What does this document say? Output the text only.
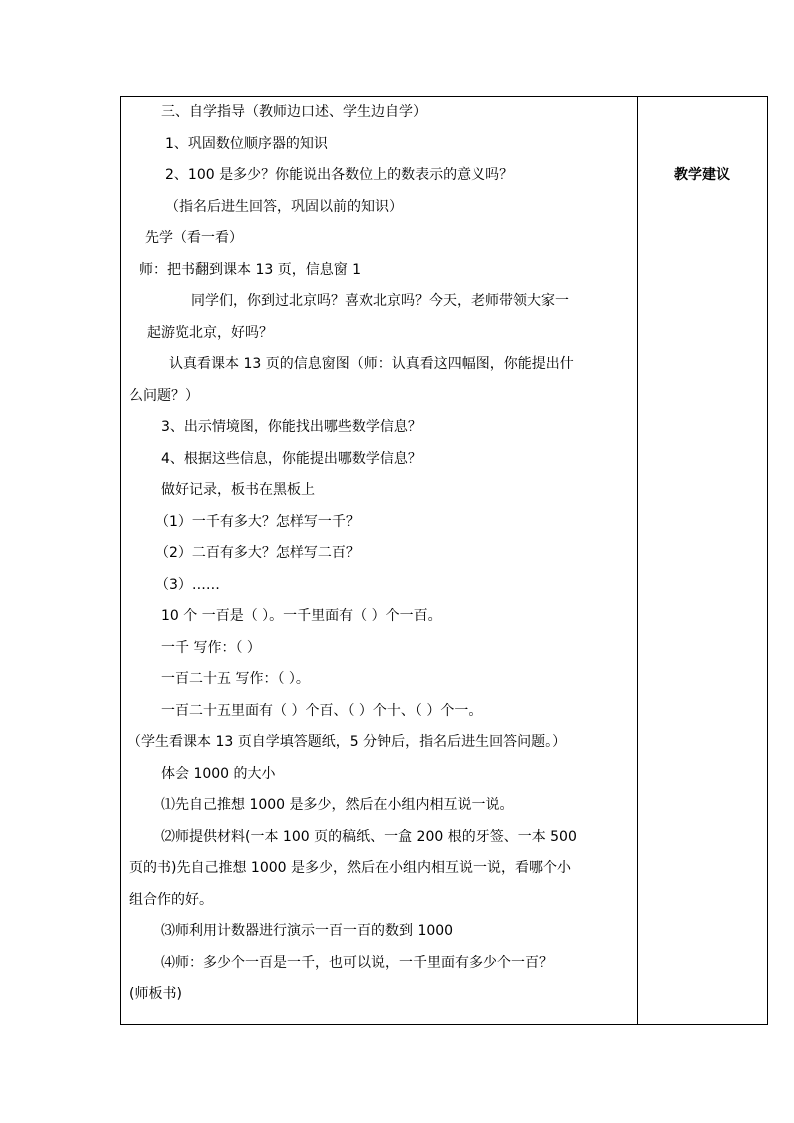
三、自学指导（教师边口述、学生边自学）
1、巩固数位顺序器的知识
2、100 是多少？你能说出各数位上的数表示的意义吗？
（指名后进生回答，巩固以前的知识）
先学（看一看）
师：把书翻到课本 13 页，信息窗 1
同学们，你到过北京吗？喜欢北京吗？今天，老师带领大家一
起游览北京，好吗？
认真看课本 13 页的信息窗图（师：认真看这四幅图，你能提出什
么问题？）
3、出示情境图，你能找出哪些数学信息？
4、根据这些信息，你能提出哪数学信息？
做好记录，板书在黑板上
（1）一千有多大？怎样写一千？
（2）二百有多大？怎样写二百？
（3）……
10 个 一百是（ ）。一千里面有（ ）个一百。
一千 写作：（ ）
一百二十五 写作：（ ）。
一百二十五里面有（ ）个百、（ ）个十、（ ）个一。
（学生看课本 13 页自学填答题纸，5 分钟后，指名后进生回答问题。）
体会 1000 的大小
⑴先自己推想 1000 是多少，然后在小组内相互说一说。
⑵师提供材料(一本 100 页的稿纸、一盒 200 根的牙签、一本 500
页的书)先自己推想 1000 是多少，然后在小组内相互说一说，看哪个小
组合作的好。
⑶师利用计数器进行演示一百一百的数到 1000
⑷师：多少个一百是一千，也可以说，一千里面有多少个一百？
(师板书)
教学建议
